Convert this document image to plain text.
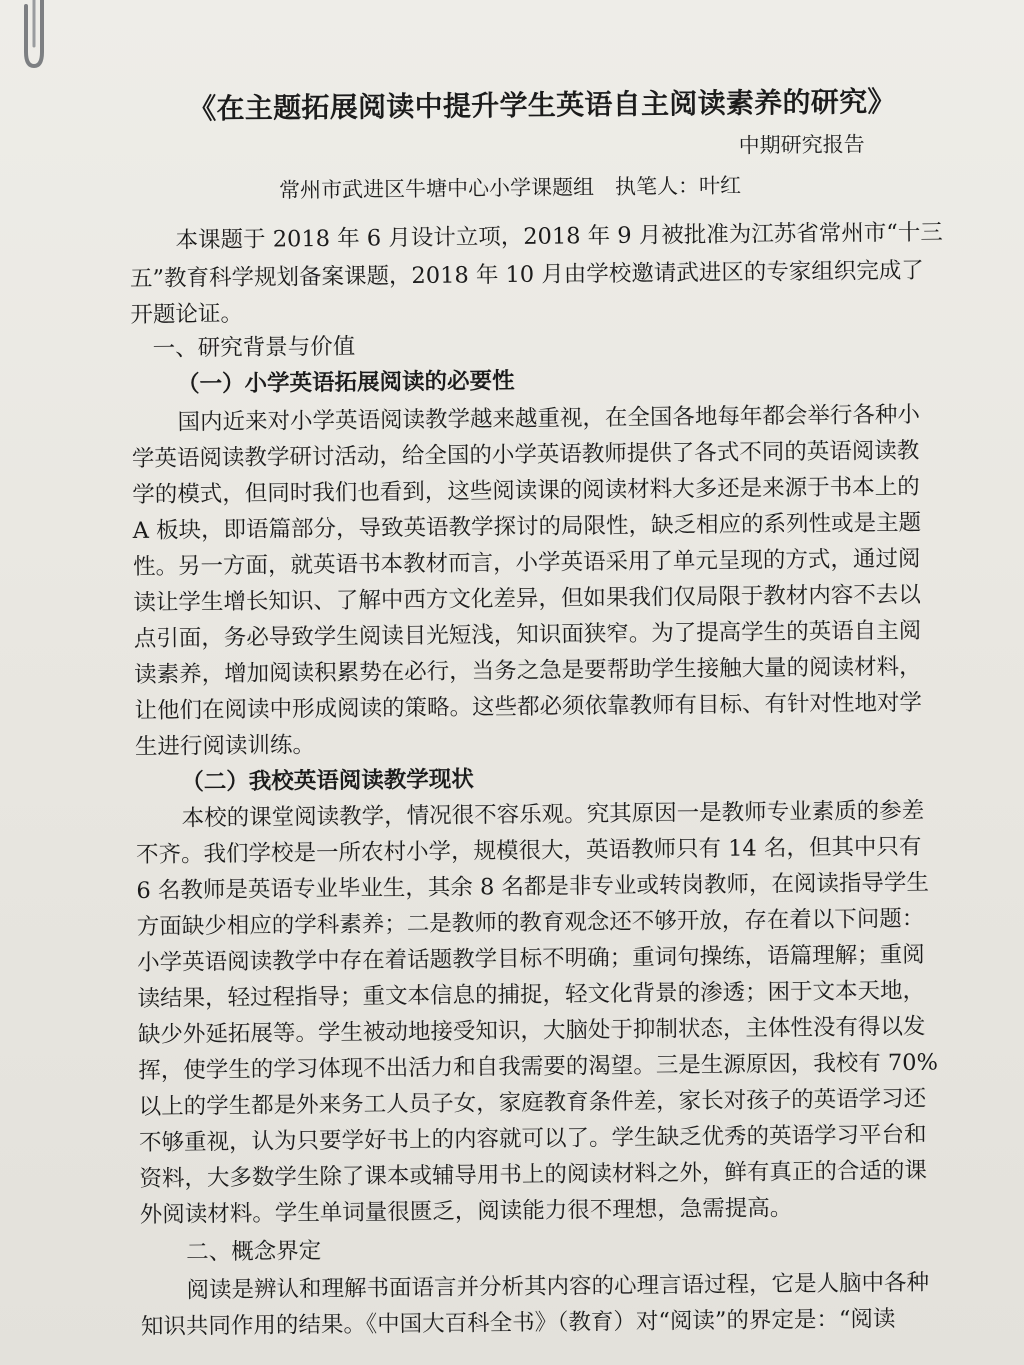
《在主题拓展阅读中提升学生英语自主阅读素养的研究》
中期研究报告
常州市武进区牛塘中心小学课题组　执笔人：叶红
本课题于 2018 年 6 月设计立项，2018 年 9 月被批准为江苏省常州市“十三
五”教育科学规划备案课题，2018 年 10 月由学校邀请武进区的专家组织完成了
开题论证。
一、研究背景与价值
（一）小学英语拓展阅读的必要性
国内近来对小学英语阅读教学越来越重视，在全国各地每年都会举行各种小
学英语阅读教学研讨活动，给全国的小学英语教师提供了各式不同的英语阅读教
学的模式，但同时我们也看到，这些阅读课的阅读材料大多还是来源于书本上的
A 板块，即语篇部分，导致英语教学探讨的局限性，缺乏相应的系列性或是主题
性。另一方面，就英语书本教材而言，小学英语采用了单元呈现的方式，通过阅
读让学生增长知识、了解中西方文化差异，但如果我们仅局限于教材内容不去以
点引面，务必导致学生阅读目光短浅，知识面狭窄。为了提高学生的英语自主阅
读素养，增加阅读积累势在必行，当务之急是要帮助学生接触大量的阅读材料，
让他们在阅读中形成阅读的策略。这些都必须依靠教师有目标、有针对性地对学
生进行阅读训练。
（二）我校英语阅读教学现状
本校的课堂阅读教学，情况很不容乐观。究其原因一是教师专业素质的参差
不齐。我们学校是一所农村小学，规模很大，英语教师只有 14 名，但其中只有
6 名教师是英语专业毕业生，其余 8 名都是非专业或转岗教师，在阅读指导学生
方面缺少相应的学科素养；二是教师的教育观念还不够开放，存在着以下问题：
小学英语阅读教学中存在着话题教学目标不明确；重词句操练，语篇理解；重阅
读结果，轻过程指导；重文本信息的捕捉，轻文化背景的渗透；困于文本天地，
缺少外延拓展等。学生被动地接受知识，大脑处于抑制状态，主体性没有得以发
挥，使学生的学习体现不出活力和自我需要的渴望。三是生源原因，我校有 70%
以上的学生都是外来务工人员子女，家庭教育条件差，家长对孩子的英语学习还
不够重视，认为只要学好书上的内容就可以了。学生缺乏优秀的英语学习平台和
资料，大多数学生除了课本或辅导用书上的阅读材料之外，鲜有真正的合适的课
外阅读材料。学生单词量很匮乏，阅读能力很不理想，急需提高。
二、概念界定
阅读是辨认和理解书面语言并分析其内容的心理言语过程，它是人脑中各种
知识共同作用的结果。《中国大百科全书》（教育）对“阅读”的界定是：“阅读
